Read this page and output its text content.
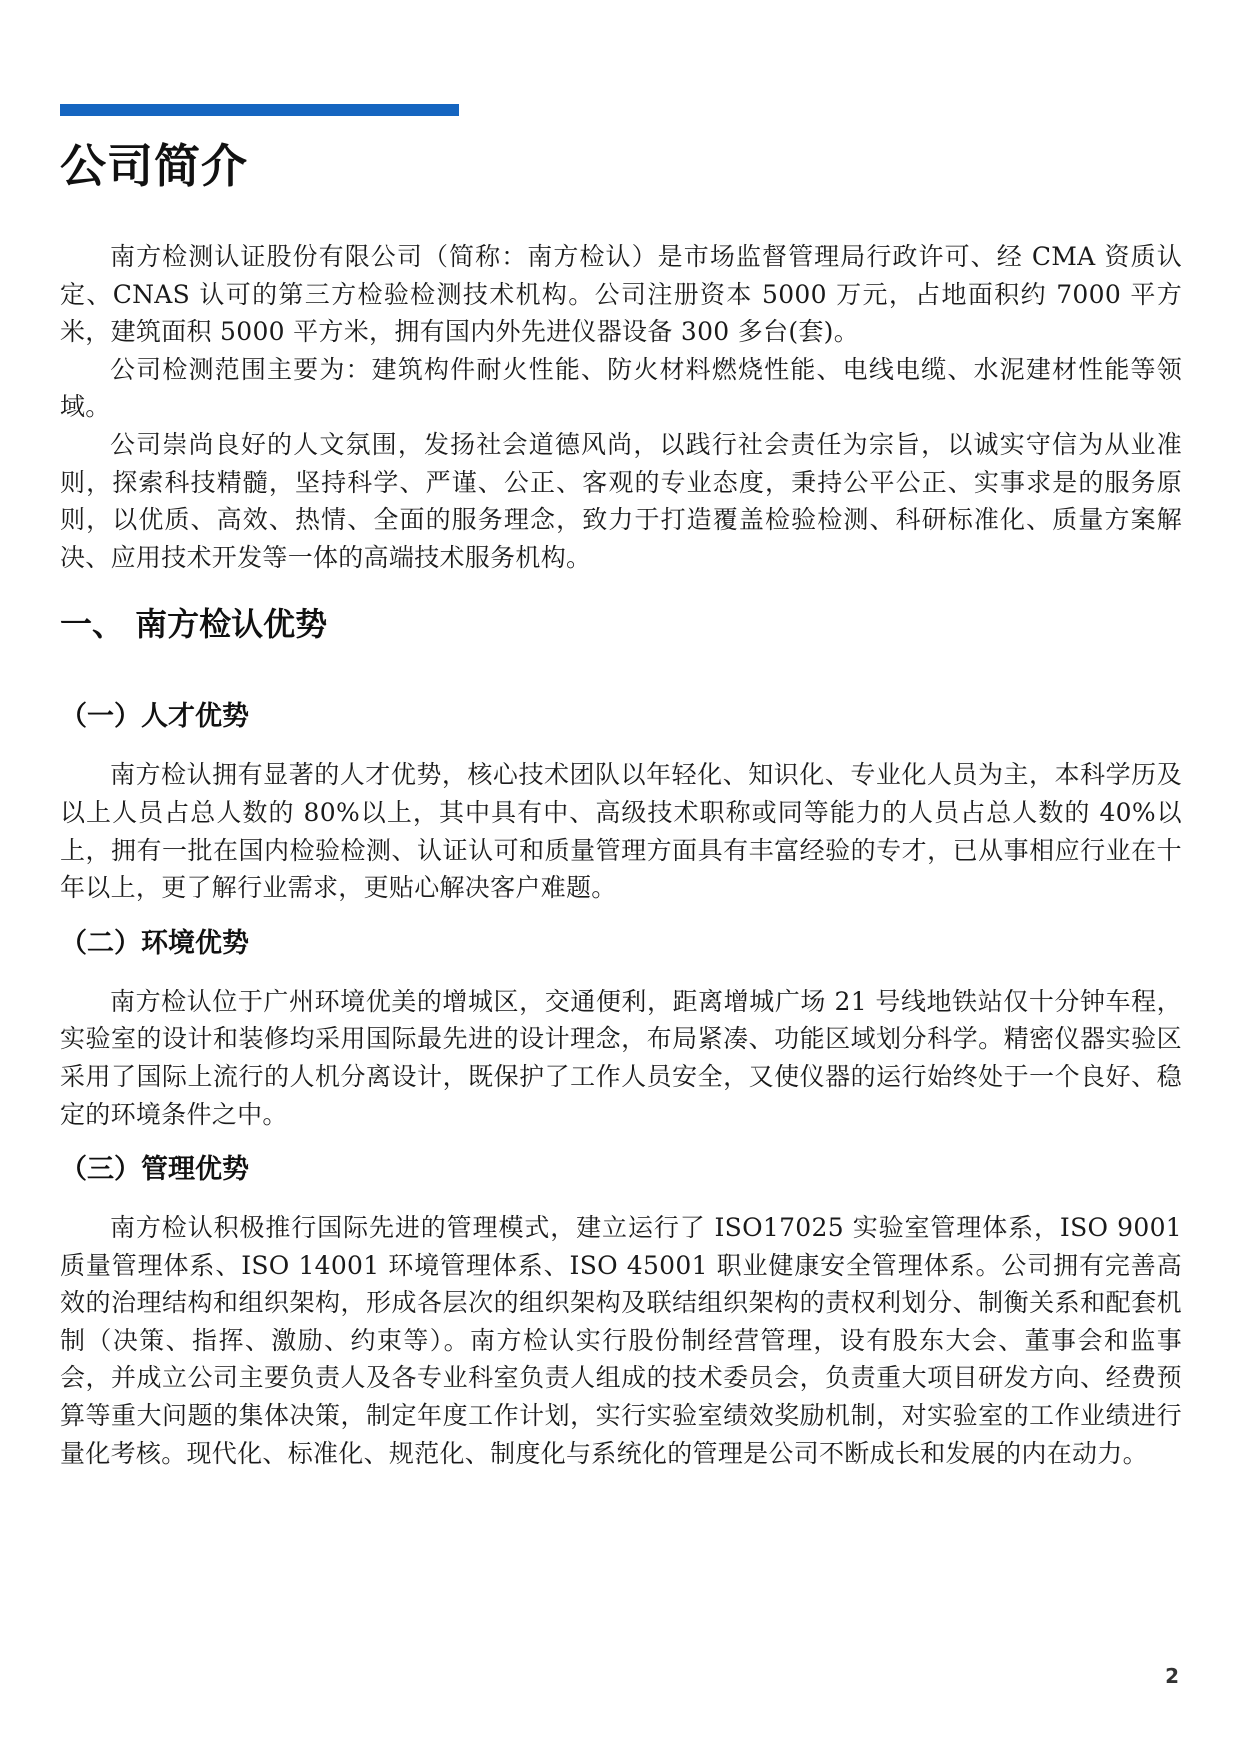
公司简介

南方检测认证股份有限公司（简称：南方检认）是市场监督管理局行政许可、经 CMA 资质认定、CNAS 认可的第三方检验检测技术机构。公司注册资本 5000 万元，占地面积约 7000 平方米，建筑面积 5000 平方米，拥有国内外先进仪器设备 300 多台(套)。

公司检测范围主要为：建筑构件耐火性能、防火材料燃烧性能、电线电缆、水泥建材性能等领域。

公司崇尚良好的人文氛围，发扬社会道德风尚，以践行社会责任为宗旨，以诚实守信为从业准则，探索科技精髓，坚持科学、严谨、公正、客观的专业态度，秉持公平公正、实事求是的服务原则，以优质、高效、热情、全面的服务理念，致力于打造覆盖检验检测、科研标准化、质量方案解决、应用技术开发等一体的高端技术服务机构。

一、 南方检认优势
（一）人才优势

南方检认拥有显著的人才优势，核心技术团队以年轻化、知识化、专业化人员为主，本科学历及以上人员占总人数的 80%以上，其中具有中、高级技术职称或同等能力的人员占总人数的 40%以上，拥有一批在国内检验检测、认证认可和质量管理方面具有丰富经验的专才，已从事相应行业在十年以上，更了解行业需求，更贴心解决客户难题。

（二）环境优势

南方检认位于广州环境优美的增城区，交通便利，距离增城广场 21 号线地铁站仅十分钟车程，实验室的设计和装修均采用国际最先进的设计理念，布局紧凑、功能区域划分科学。精密仪器实验区采用了国际上流行的人机分离设计，既保护了工作人员安全，又使仪器的运行始终处于一个良好、稳定的环境条件之中。

（三）管理优势

南方检认积极推行国际先进的管理模式，建立运行了 ISO17025 实验室管理体系，ISO 9001 质量管理体系、ISO 14001 环境管理体系、ISO 45001 职业健康安全管理体系。公司拥有完善高效的治理结构和组织架构，形成各层次的组织架构及联结组织架构的责权利划分、制衡关系和配套机制（决策、指挥、激励、约束等）。南方检认实行股份制经营管理，设有股东大会、董事会和监事会，并成立公司主要负责人及各专业科室负责人组成的技术委员会，负责重大项目研发方向、经费预算等重大问题的集体决策，制定年度工作计划，实行实验室绩效奖励机制，对实验室的工作业绩进行量化考核。现代化、标准化、规范化、制度化与系统化的管理是公司不断成长和发展的内在动力。

2
